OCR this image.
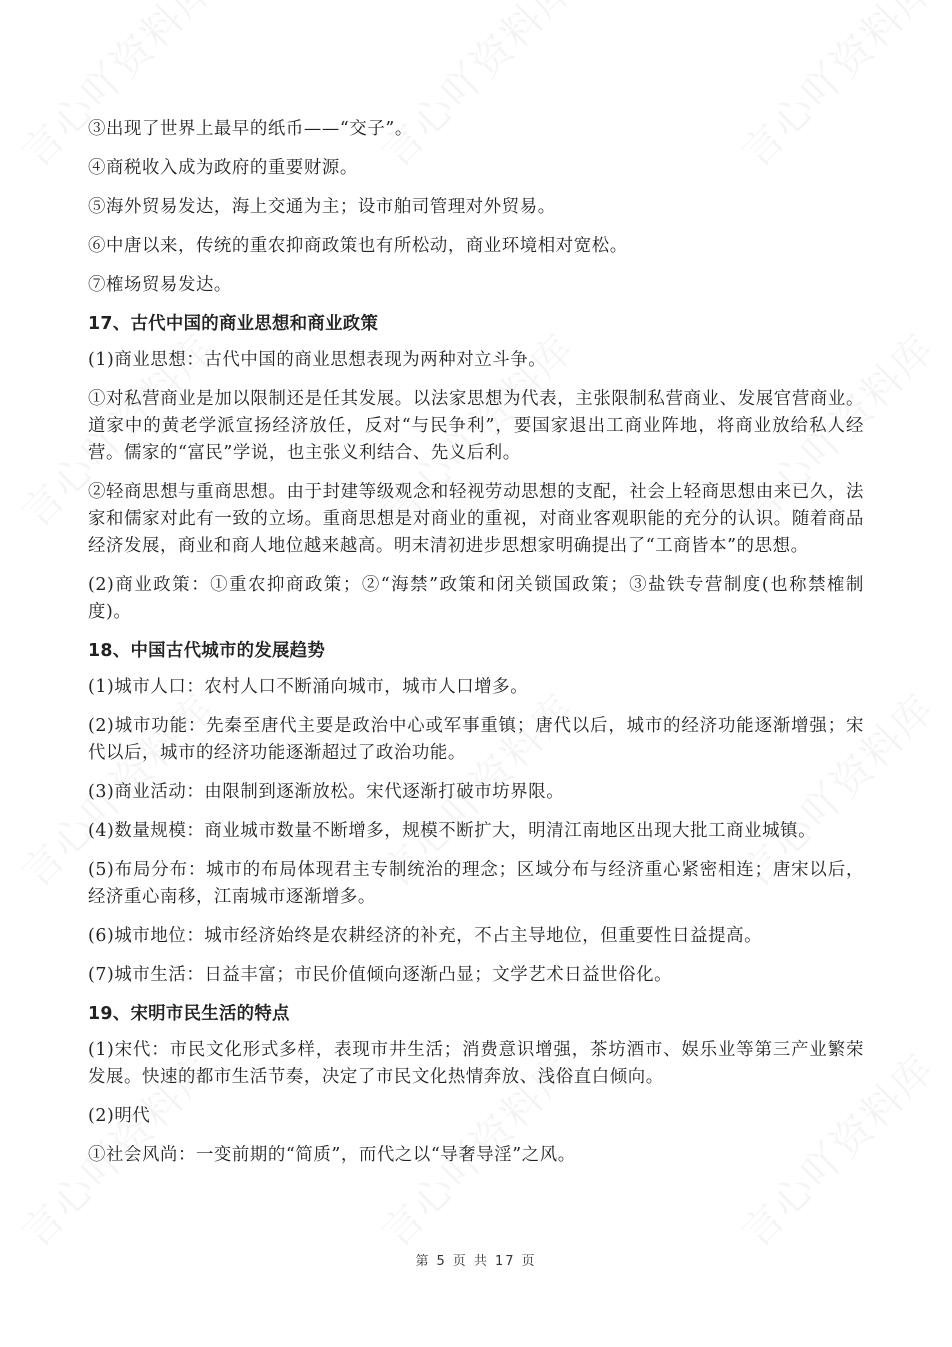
③出现了世界上最早的纸币——“交子”。

④商税收入成为政府的重要财源。

⑤海外贸易发达，海上交通为主；设市舶司管理对外贸易。

⑥中唐以来，传统的重农抑商政策也有所松动，商业环境相对宽松。

⑦榷场贸易发达。

17、古代中国的商业思想和商业政策

(1)商业思想：古代中国的商业思想表现为两种对立斗争。

①对私营商业是加以限制还是任其发展。以法家思想为代表，主张限制私营商业、发展官营商业。道家中的黄老学派宣扬经济放任，反对“与民争利”，要国家退出工商业阵地，将商业放给私人经营。儒家的“富民”学说，也主张义利结合、先义后利。

②轻商思想与重商思想。由于封建等级观念和轻视劳动思想的支配，社会上轻商思想由来已久，法家和儒家对此有一致的立场。重商思想是对商业的重视，对商业客观职能的充分的认识。随着商品经济发展，商业和商人地位越来越高。明末清初进步思想家明确提出了“工商皆本”的思想。

(2)商业政策：①重农抑商政策；②“海禁”政策和闭关锁国政策；③盐铁专营制度(也称禁榷制度)。

18、中国古代城市的发展趋势

(1)城市人口：农村人口不断涌向城市，城市人口增多。

(2)城市功能：先秦至唐代主要是政治中心或军事重镇；唐代以后，城市的经济功能逐渐增强；宋代以后，城市的经济功能逐渐超过了政治功能。

(3)商业活动：由限制到逐渐放松。宋代逐渐打破市坊界限。

(4)数量规模：商业城市数量不断增多，规模不断扩大，明清江南地区出现大批工商业城镇。

(5)布局分布：城市的布局体现君主专制统治的理念；区域分布与经济重心紧密相连；唐宋以后，经济重心南移，江南城市逐渐增多。

(6)城市地位：城市经济始终是农耕经济的补充，不占主导地位，但重要性日益提高。

(7)城市生活：日益丰富；市民价值倾向逐渐凸显；文学艺术日益世俗化。

19、宋明市民生活的特点

(1)宋代：市民文化形式多样，表现市井生活；消费意识增强，茶坊酒市、娱乐业等第三产业繁荣发展。快速的都市生活节奏，决定了市民文化热情奔放、浅俗直白倾向。

(2)明代

①社会风尚：一变前期的“简质”，而代之以“导奢导淫”之风。

第 5 页 共 17 页
